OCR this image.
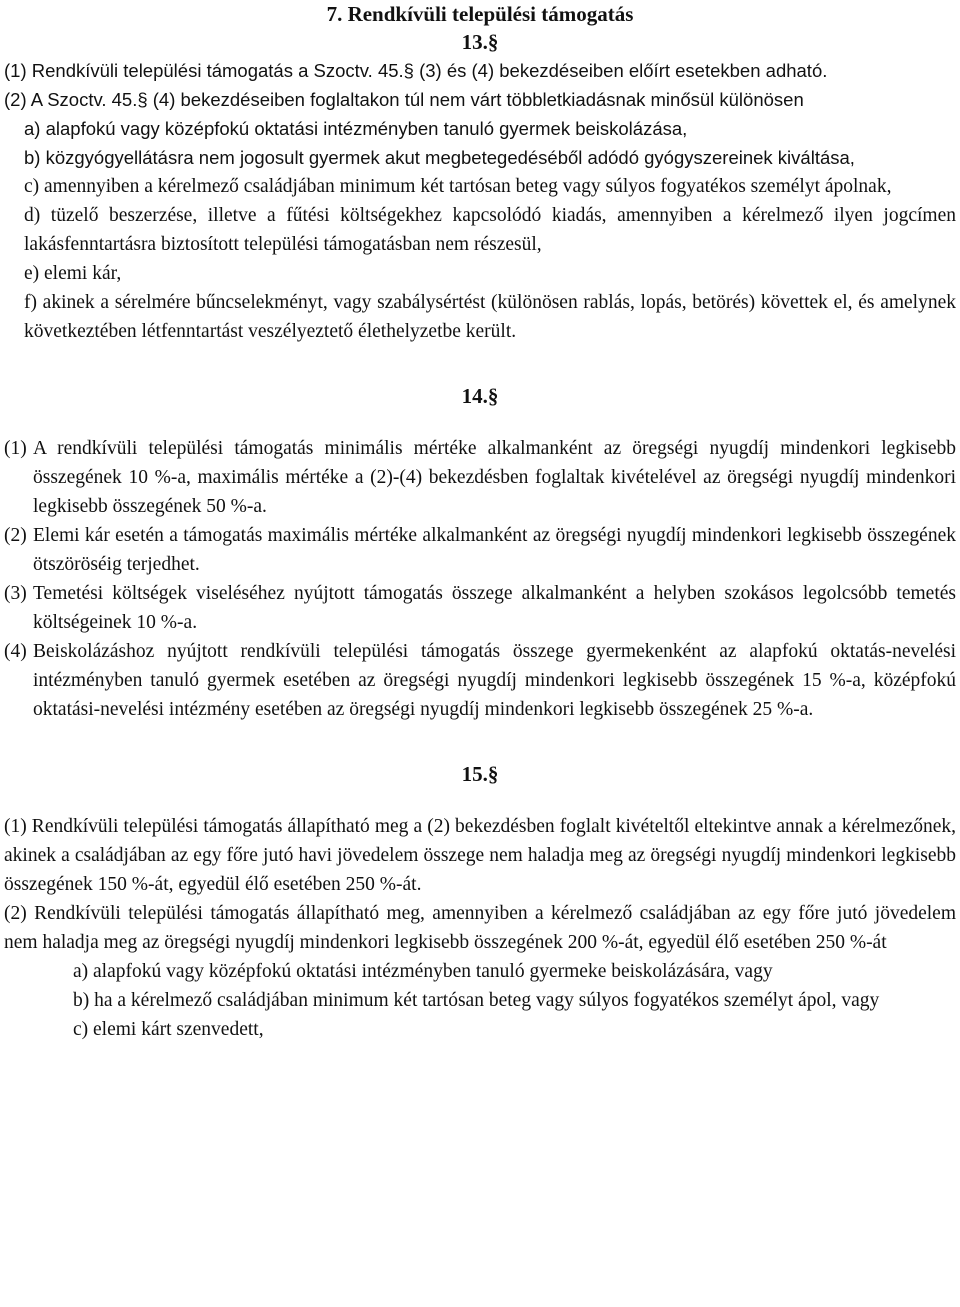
7. Rendkívüli települési támogatás
13.§

(1) Rendkívüli települési támogatás a Szoctv. 45.§ (3) és (4) bekezdéseiben előírt esetekben adható.

(2) A Szoctv. 45.§ (4) bekezdéseiben foglaltakon túl nem várt többletkiadásnak minősül különösen

a) alapfokú vagy középfokú oktatási intézményben tanuló gyermek beiskolázása,

b) közgyógyellátásra nem jogosult gyermek akut megbetegedéséből adódó gyógyszereinek kiváltása,

c) amennyiben a kérelmező családjában minimum két tartósan beteg vagy súlyos fogyatékos személyt ápolnak,

d) tüzelő beszerzése, illetve a fűtési költségekhez kapcsolódó kiadás, amennyiben a kérelmező ilyen jogcímen lakásfenntartásra biztosított települési támogatásban nem részesül,

e) elemi kár,

f) akinek a sérelmére bűncselekményt, vagy szabálysértést (különösen rablás, lopás, betörés) követtek el, és amelynek következtében létfenntartást veszélyeztető élethelyzetbe került.

14.§
(1) A rendkívüli települési támogatás minimális mértéke alkalmanként az öregségi nyugdíj mindenkori legkisebb összegének 10 %-a, maximális mértéke a (2)-(4) bekezdésben foglaltak kivételével az öregségi nyugdíj mindenkori legkisebb összegének 50 %-a.
(2) Elemi kár esetén a támogatás maximális mértéke alkalmanként az öregségi nyugdíj mindenkori legkisebb összegének ötszöröséig terjedhet.
(3) Temetési költségek viseléséhez nyújtott támogatás összege alkalmanként a helyben szokásos legolcsóbb temetés költségeinek 10 %-a.
(4) Beiskolázáshoz nyújtott rendkívüli települési támogatás összege gyermekenként az alapfokú oktatás-nevelési intézményben tanuló gyermek esetében az öregségi nyugdíj mindenkori legkisebb összegének 15 %-a, középfokú oktatási-nevelési intézmény esetében az öregségi nyugdíj mindenkori legkisebb összegének 25 %-a.
15.§

(1) Rendkívüli települési támogatás állapítható meg a (2) bekezdésben foglalt kivételtől eltekintve annak a kérelmezőnek, akinek a családjában az egy főre jutó havi jövedelem összege nem haladja meg az öregségi nyugdíj mindenkori legkisebb összegének 150 %-át, egyedül élő esetében 250 %-át.

(2) Rendkívüli települési támogatás állapítható meg, amennyiben a kérelmező családjában az egy főre jutó jövedelem nem haladja meg az öregségi nyugdíj mindenkori legkisebb összegének 200 %-át, egyedül élő esetében 250 %-át

a) alapfokú vagy középfokú oktatási intézményben tanuló gyermeke beiskolázására, vagy

b) ha a kérelmező családjában minimum két tartósan beteg vagy súlyos fogyatékos személyt ápol, vagy

c) elemi kárt szenvedett,
